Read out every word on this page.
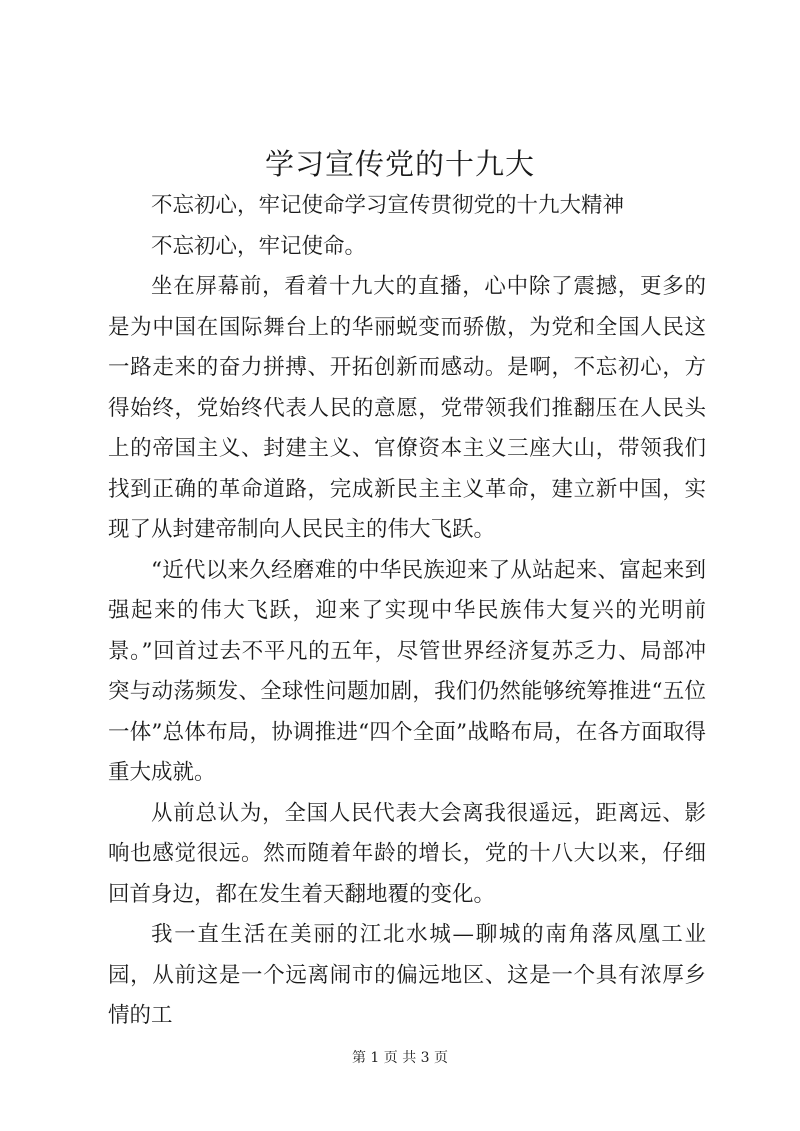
学习宣传党的十九大

不忘初心，牢记使命学习宣传贯彻党的十九大精神

不忘初心，牢记使命。

坐在屏幕前，看着十九大的直播，心中除了震撼，更多的是为中国在国际舞台上的华丽蜕变而骄傲，为党和全国人民这一路走来的奋力拼搏、开拓创新而感动。是啊，不忘初心，方得始终，党始终代表人民的意愿，党带领我们推翻压在人民头上的帝国主义、封建主义、官僚资本主义三座大山，带领我们找到正确的革命道路，完成新民主主义革命，建立新中国，实现了从封建帝制向人民民主的伟大飞跃。

“近代以来久经磨难的中华民族迎来了从站起来、富起来到强起来的伟大飞跃，迎来了实现中华民族伟大复兴的光明前景。”回首过去不平凡的五年，尽管世界经济复苏乏力、局部冲突与动荡频发、全球性问题加剧，我们仍然能够统筹推进“五位一体”总体布局，协调推进“四个全面”战略布局，在各方面取得重大成就。

从前总认为，全国人民代表大会离我很遥远，距离远、影响也感觉很远。然而随着年龄的增长，党的十八大以来，仔细回首身边，都在发生着天翻地覆的变化。

我一直生活在美丽的江北水城—聊城的南角落凤凰工业园，从前这是一个远离闹市的偏远地区、这是一个具有浓厚乡情的工

第 1 页 共 3 页
